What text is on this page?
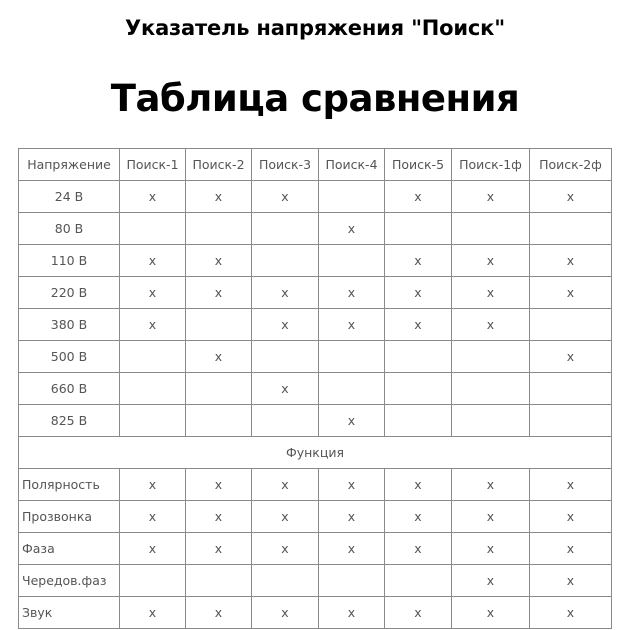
Указатель напряжения "Поиск"
Таблица сравнения
Напряжение	Поиск-1	Поиск-2	Поиск-3	Поиск-4	Поиск-5	Поиск-1ф	Поиск-2ф
24 В	x	x	x		x	x	x
80 В				x			
110 В	x	x			x	x	x
220 В	x	x	x	x	x	x	x
380 В	x		x	x	x	x	
500 В		x					x
660 В			x				
825 В				x			
Функция							
Полярность	x	x	x	x	x	x	x
Прозвонка	x	x	x	x	x	x	x
Фаза	x	x	x	x	x	x	x
Чередов.фаз						x	x
Звук	x	x	x	x	x	x	x
